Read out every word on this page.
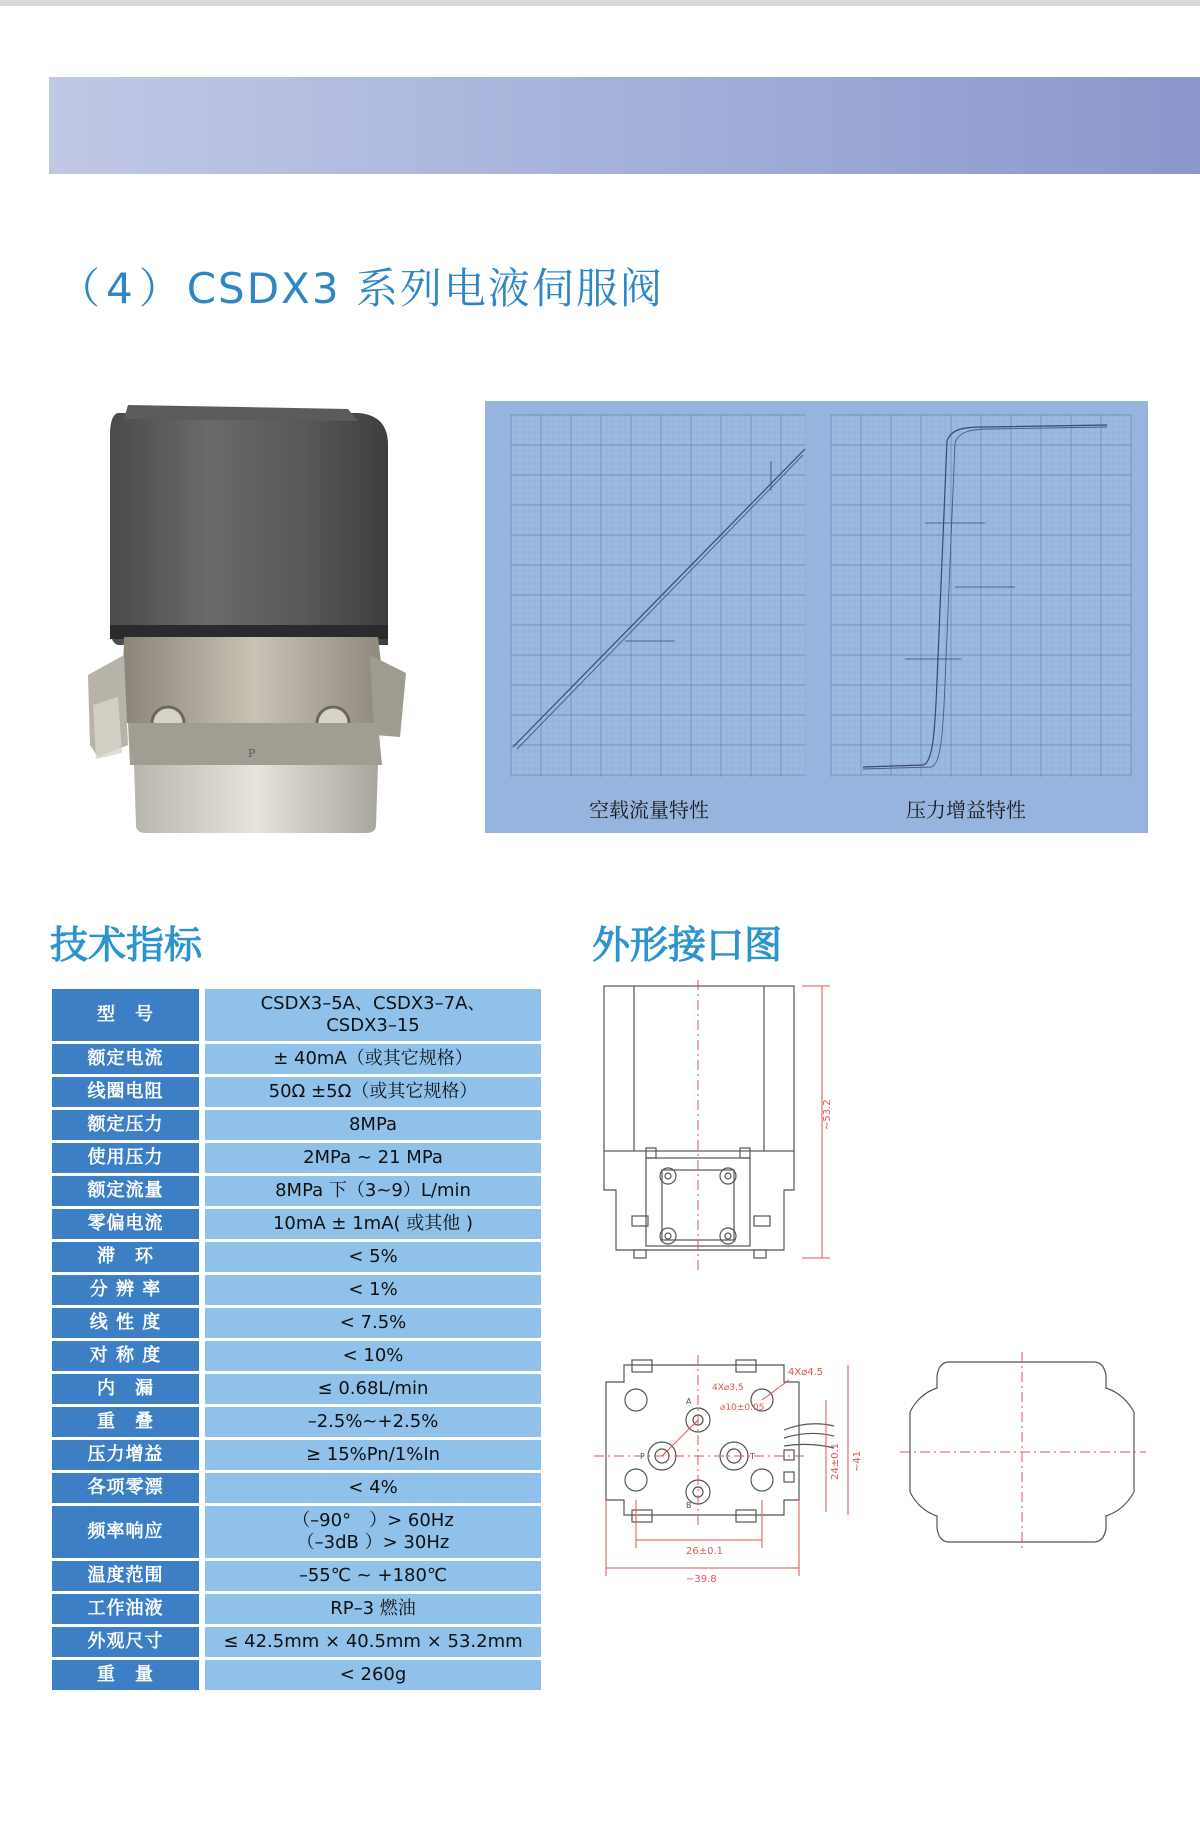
（4）CSDX3 系列电液伺服阀
P
空载流量特性	压力增益特性
技术指标	外形接口图
型　号		CSDX3–5A、CSDX3–7A、
CSDX3–15

额定电流		± 40mA（或其它规格）

线圈电阻		50Ω ±5Ω（或其它规格）

额定压力		8MPa

使用压力		2MPa ~ 21 MPa

额定流量		8MPa 下（3~9）L/min

零偏电流		10mA ± 1mA( 或其他 )

滞　环		< 5%

分 辨 率		< 1%

线 性 度		< 7.5%

对 称 度		< 10%

内　漏		≤ 0.68L/min

重　叠		–2.5%~+2.5%

压力增益		≥ 15%Pn/1%In

各项零漂		< 4%

频率响应		（–90°　）> 60Hz
（–3dB ）> 30Hz

温度范围		–55℃ ~ +180℃

工作油液		RP–3 燃油

外观尺寸		≤ 42.5mm × 40.5mm × 53.2mm

重　量		< 260g
~53.2
4X⌀4.5
4X⌀3.5
⌀10±0.05
A
B
P	T	24±0.1 ~41
26±0.1
~39.8
